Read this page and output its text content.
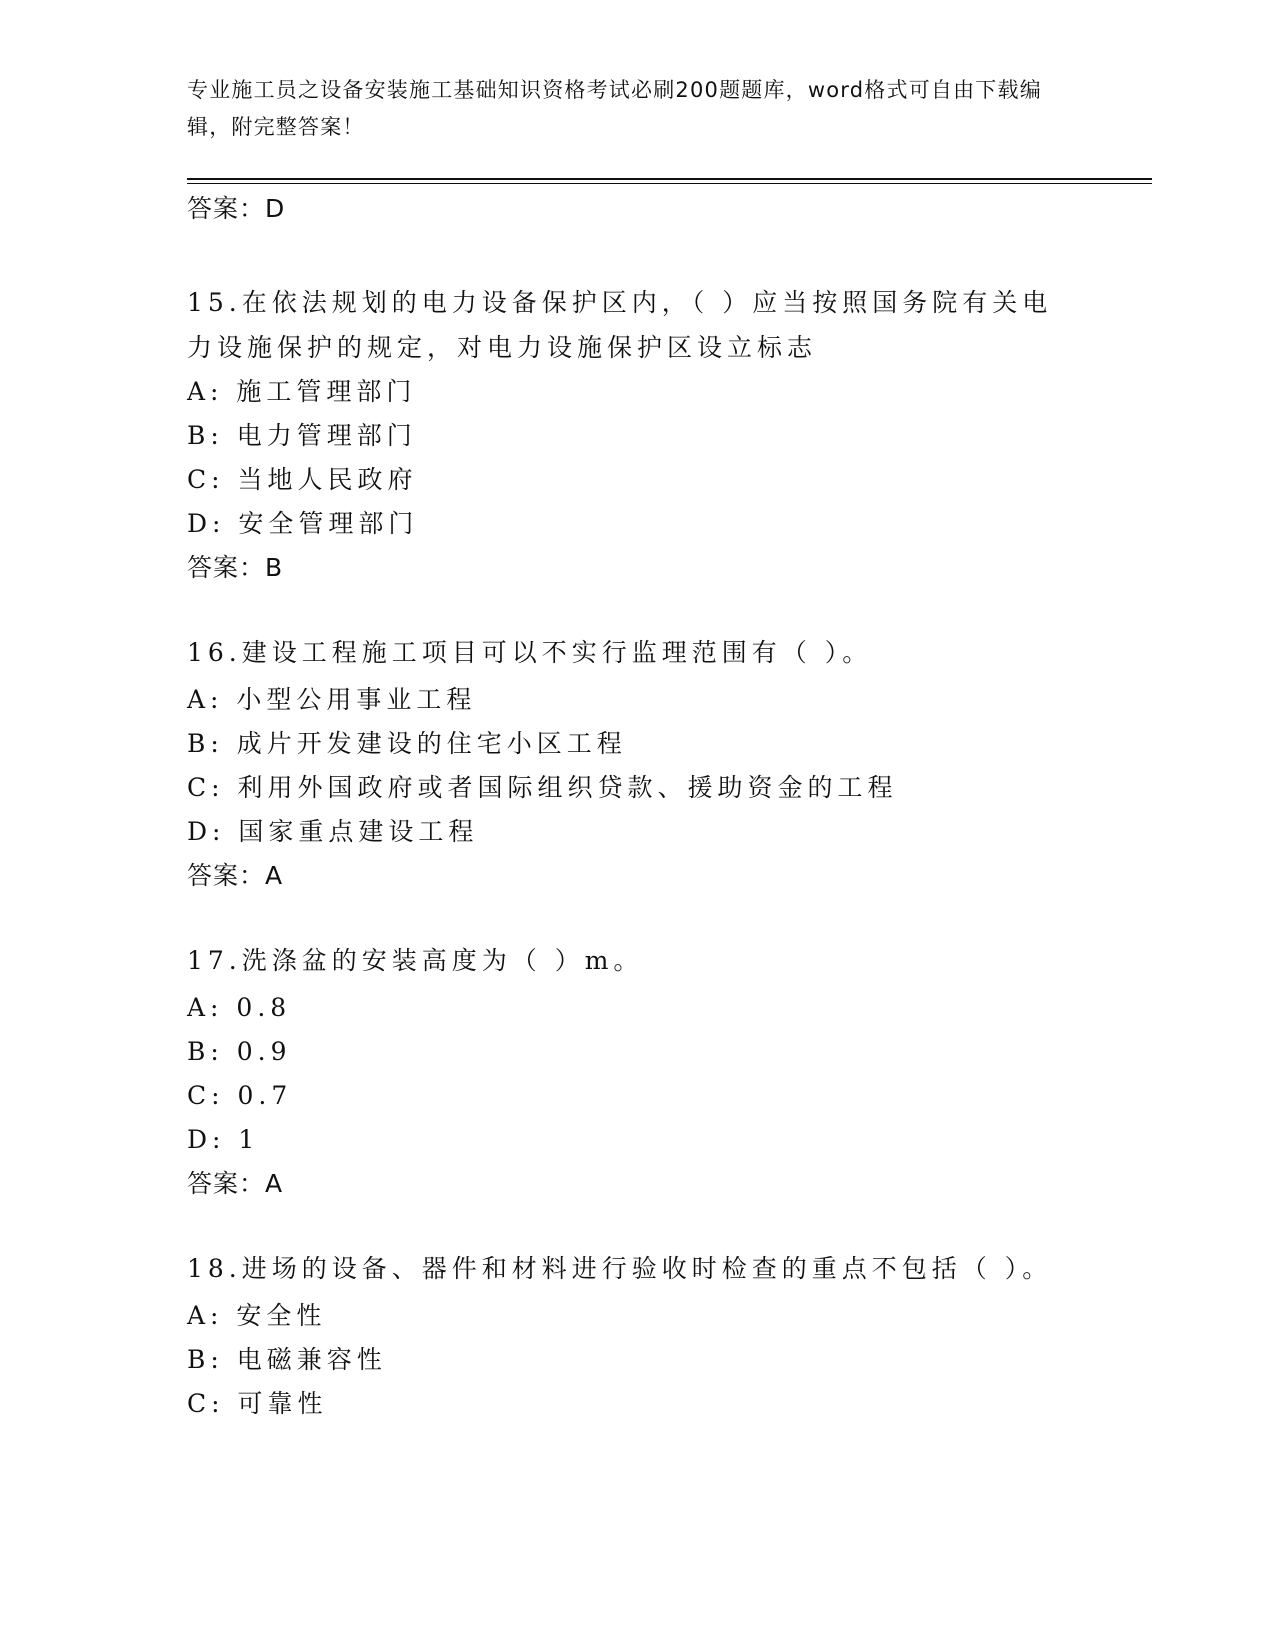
专业施工员之设备安装施工基础知识资格考试必刷200题题库，word格式可自由下载编辑，附完整答案！
答案：D
15.在依法规划的电力设备保护区内，（ ）应当按照国务院有关电力设施保护的规定，对电力设施保护区设立标志
A: 施工管理部门
B: 电力管理部门
C: 当地人民政府
D: 安全管理部门
答案：B
16.建设工程施工项目可以不实行监理范围有（ ）。
A: 小型公用事业工程
B: 成片开发建设的住宅小区工程
C: 利用外国政府或者国际组织贷款、援助资金的工程
D: 国家重点建设工程
答案：A
17.洗涤盆的安装高度为（ ）m。
A: 0.8
B: 0.9
C: 0.7
D: 1
答案：A
18.进场的设备、器件和材料进行验收时检查的重点不包括（ ）。
A: 安全性
B: 电磁兼容性
C: 可靠性
